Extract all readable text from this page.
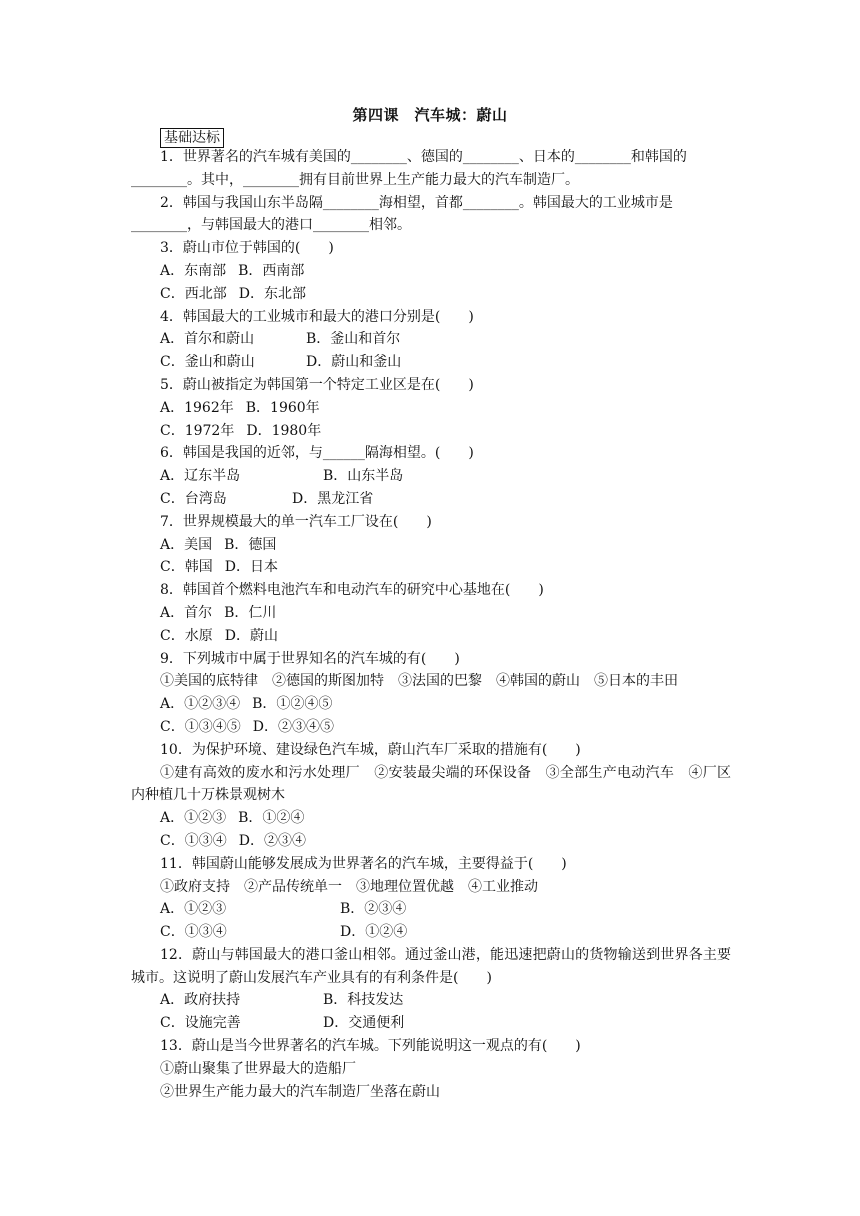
第四课　汽车城：蔚山
基础达标

1．世界著名的汽车城有美国的________、德国的________、日本的________和韩国的

________。其中，________拥有目前世界上生产能力最大的汽车制造厂。

2．韩国与我国山东半岛隔________海相望，首都________。韩国最大的工业城市是

________，与韩国最大的港口________相邻。

3．蔚山市位于韩国的(　　)

A．东南部 B．西南部
C．西北部 D．东北部

4．韩国最大的工业城市和最大的港口分别是(　　)

A．首尔和蔚山	B．釜山和首尔
C．釜山和蔚山	D．蔚山和釜山

5．蔚山被指定为韩国第一个特定工业区是在(　　)

A．1962年 B．1960年
C．1972年 D．1980年

6．韩国是我国的近邻，与______隔海相望。(　　)

A．辽东半岛	B．山东半岛
C．台湾岛	D．黑龙江省

7．世界规模最大的单一汽车工厂设在(　　)

A．美国 B．德国
C．韩国 D．日本

8．韩国首个燃料电池汽车和电动汽车的研究中心基地在(　　)

A．首尔 B．仁川
C．水原 D．蔚山

9．下列城市中属于世界知名的汽车城的有(　　)

①美国的底特律　②德国的斯图加特　③法国的巴黎　④韩国的蔚山　⑤日本的丰田

A．①②③④ B．①②④⑤
C．①③④⑤ D．②③④⑤

10．为保护环境、建设绿色汽车城，蔚山汽车厂采取的措施有(　　)

①建有高效的废水和污水处理厂　②安装最尖端的环保设备　③全部生产电动汽车　④厂区内种植几十万株景观树木

A．①②③ B．①②④
C．①③④ D．②③④

11．韩国蔚山能够发展成为世界著名的汽车城，主要得益于(　　)

①政府支持　②产品传统单一　③地理位置优越　④工业推动

A．①②③	B．②③④
C．①③④	D．①②④

12．蔚山与韩国最大的港口釜山相邻。通过釜山港，能迅速把蔚山的货物输送到世界各主要城市。这说明了蔚山发展汽车产业具有的有利条件是(　　)

A．政府扶持	B．科技发达
C．设施完善	D．交通便利

13．蔚山是当今世界著名的汽车城。下列能说明这一观点的有(　　)

①蔚山聚集了世界最大的造船厂

②世界生产能力最大的汽车制造厂坐落在蔚山
